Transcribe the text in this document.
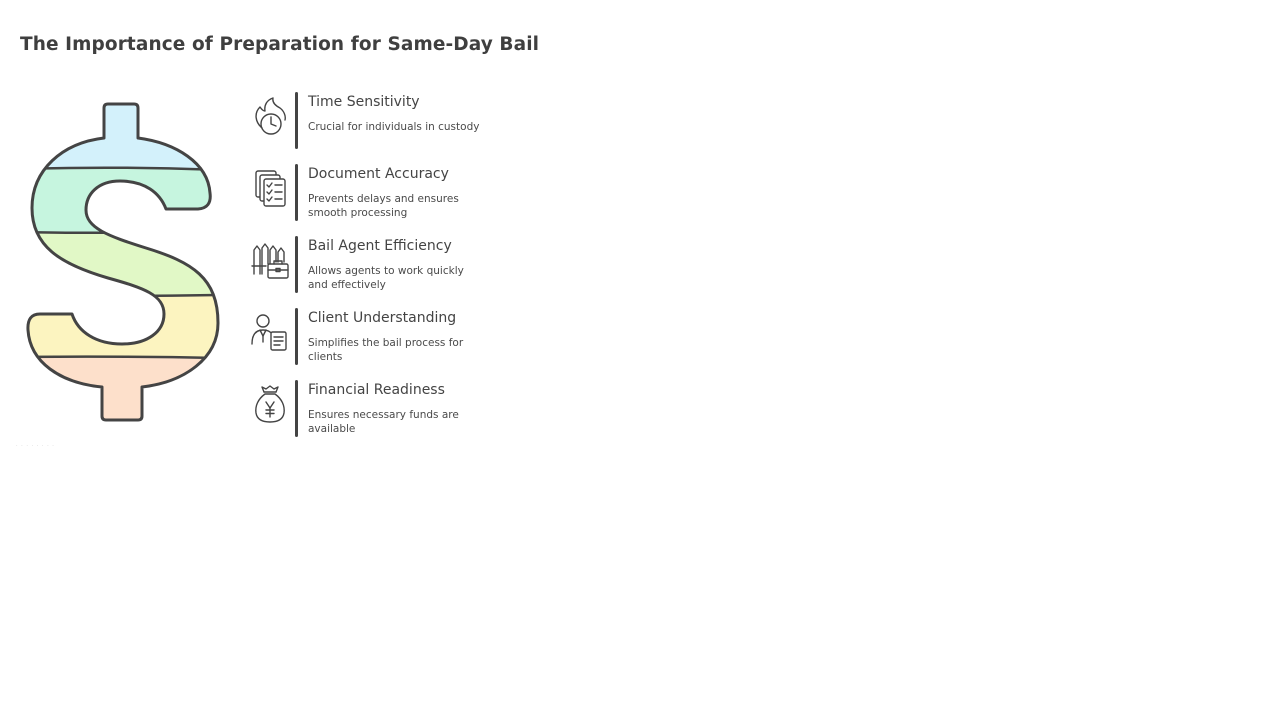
The Importance of Preparation for Same-Day Bail
Time Sensitivity
Crucial for individuals in custody
Document Accuracy
Prevents delays and ensures smooth processing
Bail Agent Efficiency
Allows agents to work quickly and effectively
Client Understanding
Simplifies the bail process for clients
Financial Readiness
Ensures necessary funds are available
· · · · · · · ·
